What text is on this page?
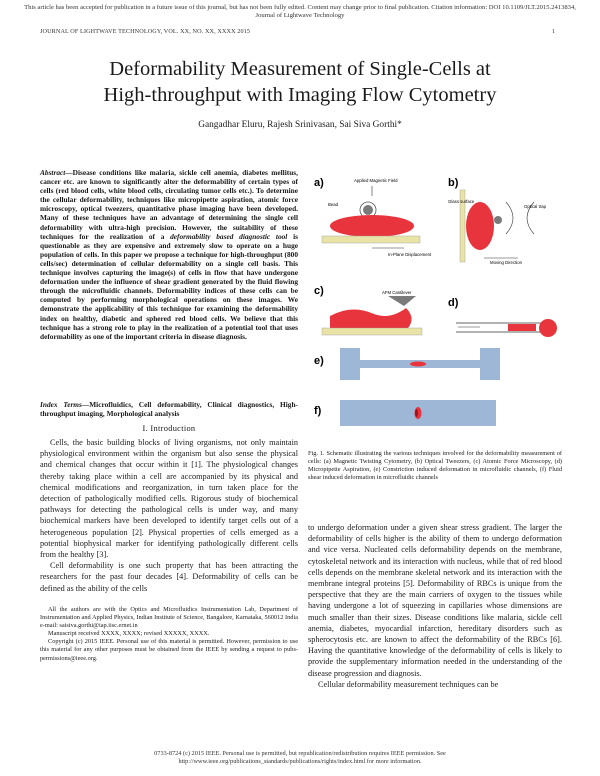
This article has been accepted for publication in a future issue of this journal, but has not been fully edited. Content may change prior to final publication. Citation information: DOI 10.1109/JLT.2015.2413834, Journal of Lightwave Technology
JOURNAL OF LIGHTWAVE TECHNOLOGY, VOL. XX, NO. XX, XXXX 2015	1
Deformability Measurement of Single-Cells at
High-throughput with Imaging Flow Cytometry
Gangadhar Eluru, Rajesh Srinivasan, Sai Siva Gorthi*
Abstract—Disease conditions like malaria, sickle cell anemia, diabetes mellitus, cancer etc. are known to significantly alter the deformability of certain types of cells (red blood cells, white blood cells, circulating tumor cells etc.). To determine the cellular deformability, techniques like micropipette aspiration, atomic force microscopy, optical tweezers, quantitative phase imaging have been developed. Many of these techniques have an advantage of determining the single cell deformability with ultra-high precision. However, the suitability of these techniques for the realization of a deformability based diagnostic tool is questionable as they are expensive and extremely slow to operate on a huge population of cells. In this paper we propose a technique for high-throughput (800 cells/sec) determination of cellular deformability on a single cell basis. This technique involves capturing the image(s) of cells in flow that have undergone deformation under the influence of shear gradient generated by the fluid flowing through the microfluidic channels. Deformability indices of these cells can be computed by performing morphological operations on these images. We demonstrate the applicability of this technique for examining the deformability index on healthy, diabetic and sphered red blood cells. We believe that this technique has a strong role to play in the realization of a potential tool that uses deformability as one of the important criteria in disease diagnosis.
Index Terms—Microfluidics, Cell deformability, Clinical diagnostics, High-throughput imaging, Morphological analysis
I. Introduction

Cells, the basic building blocks of living organisms, not only maintain physiological environment within the organism but also sense the physical and chemical changes that occur within it [1]. The physiological changes thereby taking place within a cell are accompanied by its physical and chemical modifications and reorganization, in turn taken place for the detection of pathologically modified cells. Rigorous study of biochemical pathways for detecting the pathological cells is under way, and many biochemical markers have been developed to identify target cells out of a heterogeneous population [2]. Physical properties of cells emerged as a potential biophysical marker for identifying pathologically different cells from the healthy [3].

Cell deformability is one such property that has been attracting the researchers for the past four decades [4]. Deformability of cells can be defined as the ability of the cells

All the authors are with the Optics and Microfluidics Instrumentation Lab, Department of Instrumentation and Applied Physics, Indian Institute of Science, Bangalore, Karnataka, 560012 India e-mail: saisiva.gorthi@iap.iisc.ernet.in

Manuscript received XXXX, XXXX; revised XXXXX, XXXX.

Copyright (c) 2015 IEEE. Personal use of this material is permitted. However, permission to use this material for any other purposes must be obtained from the IEEE by sending a request to pubs-permissions@ieee.org.

a)	Applied Magnetic Field
Bead
In-Plane Displacement
b)
Glass surface
Optical trap
Moving Direction
c)	AFM Cantilever
d)
e)
f)
Fig. 1. Schematic illustrating the various techniques involved for the deformability measurement of cells: (a) Magnetic Twisting Cytometry, (b) Optical Tweezers, (c) Atomic Force Microscopy, (d) Micropipette Aspiration, (e) Constriction induced deformation in microfluidic channels, (f) Fluid shear induced deformation in microfluidic channels

to undergo deformation under a given shear stress gradient. The larger the deformability of cells higher is the ability of them to undergo deformation and vice versa. Nucleated cells deformability depends on the membrane, cytoskeletal network and its interaction with nucleus, while that of red blood cells depends on the membrane skeletal network and its interaction with the membrane integral proteins [5]. Deformability of RBCs is unique from the perspective that they are the main carriers of oxygen to the tissues while having undergone a lot of squeezing in capillaries whose dimensions are much smaller than their sizes. Disease conditions like malaria, sickle cell anemia, diabetes, myocardial infarction, hereditary disorders such as spherocytosis etc. are known to affect the deformability of the RBCs [6]. Having the quantitative knowledge of the deformability of cells is likely to provide the supplementary information needed in the understanding of the disease progression and diagnosis.

Cellular deformability measurement techniques can be

0733-8724 (c) 2015 IEEE. Personal use is permitted, but republication/redistribution requires IEEE permission. See
http://www.ieee.org/publications_standards/publications/rights/index.html for more information.
